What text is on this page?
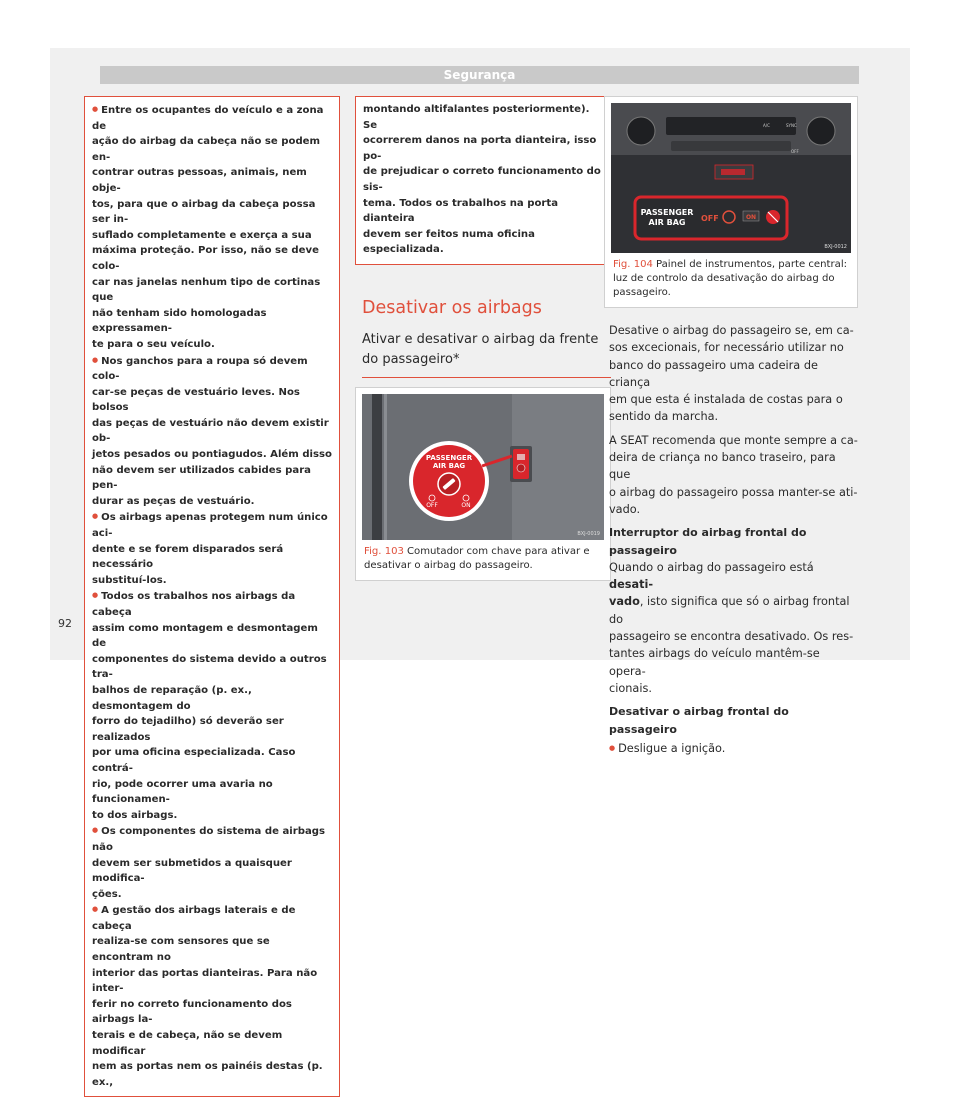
Segurança

● Entre os ocupantes do veículo e a zona de
ação do airbag da cabeça não se podem en-
contrar outras pessoas, animais, nem obje-
tos, para que o airbag da cabeça possa ser in-
suflado completamente e exerça a sua
máxima proteção. Por isso, não se deve colo-
car nas janelas nenhum tipo de cortinas que
não tenham sido homologadas expressamen-
te para o seu veículo.

● Nos ganchos para a roupa só devem colo-
car-se peças de vestuário leves. Nos bolsos
das peças de vestuário não devem existir ob-
jetos pesados ou pontiagudos. Além disso
não devem ser utilizados cabides para pen-
durar as peças de vestuário.

● Os airbags apenas protegem num único aci-
dente e se forem disparados será necessário
substituí-los.

● Todos os trabalhos nos airbags da cabeça
assim como montagem e desmontagem de
componentes do sistema devido a outros tra-
balhos de reparação (p. ex., desmontagem do
forro do tejadilho) só deverão ser realizados
por uma oficina especializada. Caso contrá-
rio, pode ocorrer uma avaria no funcionamen-
to dos airbags.

● Os componentes do sistema de airbags não
devem ser submetidos a quaisquer modifica-
ções.

● A gestão dos airbags laterais e de cabeça
realiza-se com sensores que se encontram no
interior das portas dianteiras. Para não inter-
ferir no correto funcionamento dos airbags la-
terais e de cabeça, não se devem modificar
nem as portas nem os painéis destas (p. ex.,

montando altifalantes posteriormente). Se
ocorrerem danos na porta dianteira, isso po-
de prejudicar o correto funcionamento do sis-
tema. Todos os trabalhos na porta dianteira
devem ser feitos numa oficina especializada.

Desativar os airbags
Ativar e desativar o airbag da frente
do passageiro*
PASSENGER
AIR BAG
OFF	ON
BXJ-0019
Fig. 103 Comutador com chave para ativar e desativar o airbag do passageiro.
A/C	SYNC
OFF
PASSENGER
AIR BAG OFF	ON
BXJ-0012
Fig. 104 Painel de instrumentos, parte central: luz de controlo da desativação do airbag do passageiro.

Desative o airbag do passageiro se, em ca-
sos excecionais, for necessário utilizar no
banco do passageiro uma cadeira de criança
em que esta é instalada de costas para o
sentido da marcha.

A SEAT recomenda que monte sempre a ca-
deira de criança no banco traseiro, para que
o airbag do passageiro possa manter-se ati-
vado.

Interruptor do airbag frontal do passageiro

Quando o airbag do passageiro está desati-
vado, isto significa que só o airbag frontal do
passageiro se encontra desativado. Os res-
tantes airbags do veículo mantêm-se opera-
cionais.

Desativar o airbag frontal do passageiro

● Desligue a ignição.

92
